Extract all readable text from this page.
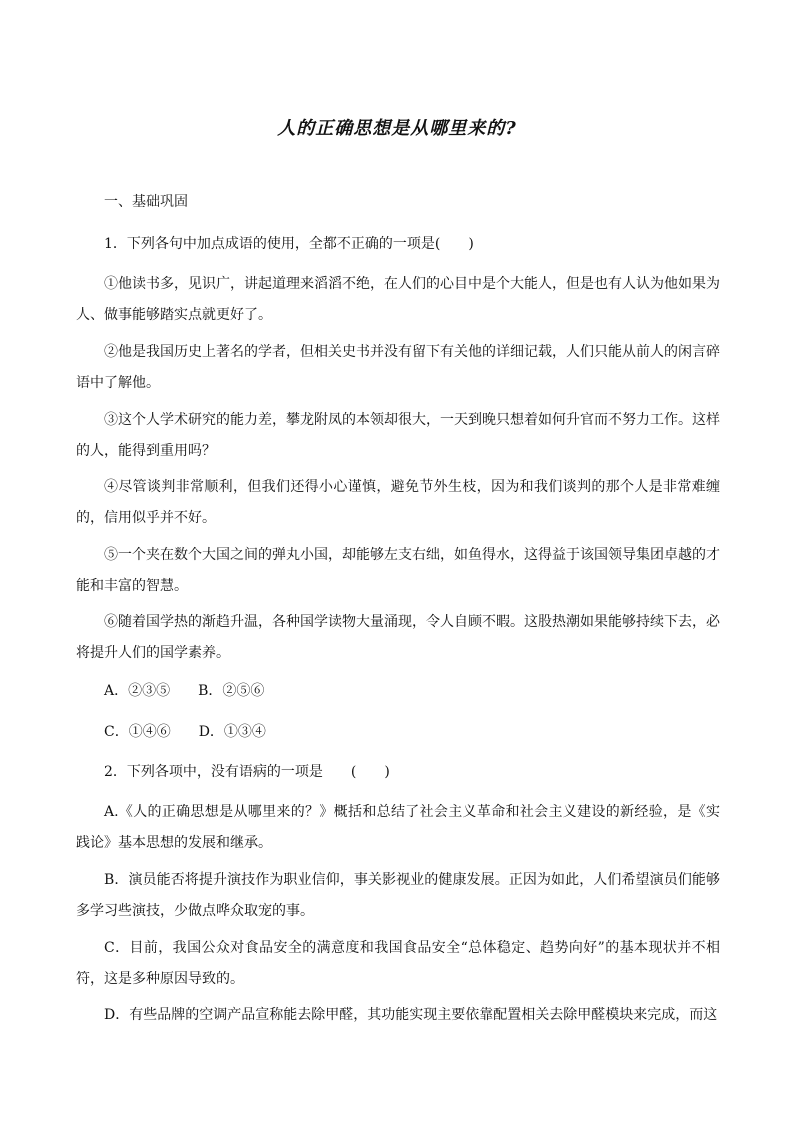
人的正确思想是从哪里来的?
一、基础巩固
1．下列各句中加点成语的使用，全都不正确的一项是(　　)
①他读书多，见识广，讲起道理来滔滔不绝，在人们的心目中是个大能人，但是也有人认为他如果为人、做事能够踏实点就更好了。
②他是我国历史上著名的学者，但相关史书并没有留下有关他的详细记载，人们只能从前人的闲言碎语中了解他。
③这个人学术研究的能力差，攀龙附凤的本领却很大，一天到晚只想着如何升官而不努力工作。这样的人，能得到重用吗？
④尽管谈判非常顺利，但我们还得小心谨慎，避免节外生枝，因为和我们谈判的那个人是非常难缠的，信用似乎并不好。
⑤一个夹在数个大国之间的弹丸小国，却能够左支右绌，如鱼得水，这得益于该国领导集团卓越的才能和丰富的智慧。
⑥随着国学热的渐趋升温，各种国学读物大量涌现，令人自顾不暇。这股热潮如果能够持续下去，必将提升人们的国学素养。
A．②③⑤　　B．②⑤⑥
C．①④⑥　　D．①③④
2．下列各项中，没有语病的一项是　　(　　)
A.《人的正确思想是从哪里来的？》概括和总结了社会主义革命和社会主义建设的新经验，是《实践论》基本思想的发展和继承。
B．演员能否将提升演技作为职业信仰，事关影视业的健康发展。正因为如此，人们希望演员们能够多学习些演技，少做点哗众取宠的事。
C．目前，我国公众对食品安全的满意度和我国食品安全“总体稳定、趋势向好”的基本现状并不相符，这是多种原因导致的。
D．有些品牌的空调产品宣称能去除甲醛，其功能实现主要依靠配置相关去除甲醛模块来完成，而这
